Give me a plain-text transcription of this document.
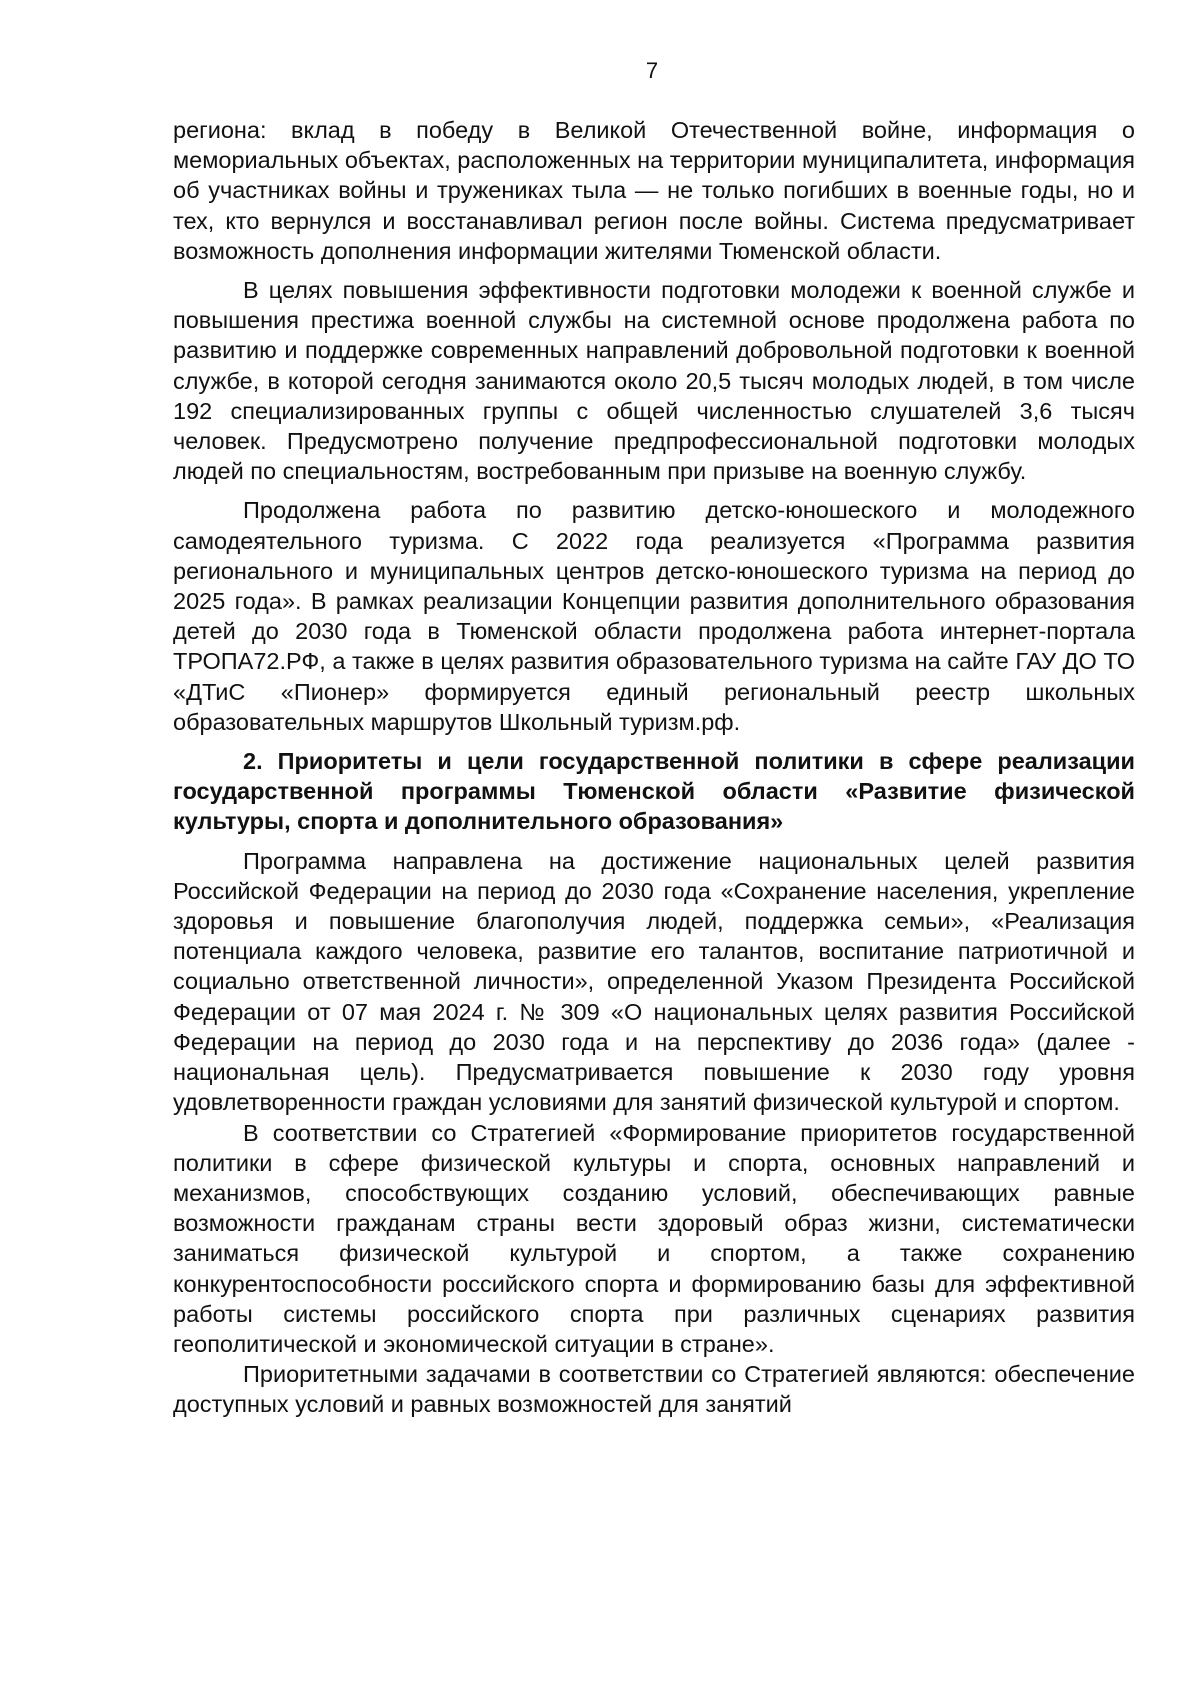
7

региона: вклад в победу в Великой Отечественной войне, информация о мемориальных объектах, расположенных на территории муниципалитета, информация об участниках войны и тружениках тыла — не только погибших в военные годы, но и тех, кто вернулся и восстанавливал регион после войны. Система предусматривает возможность дополнения информации жителями Тюменской области.

В целях повышения эффективности подготовки молодежи к военной службе и повышения престижа военной службы на системной основе продолжена работа по развитию и поддержке современных направлений добровольной подготовки к военной службе, в которой сегодня занимаются около 20,5 тысяч молодых людей, в том числе 192 специализированных группы с общей численностью слушателей 3,6 тысяч человек. Предусмотрено получение предпрофессиональной подготовки молодых людей по специальностям, востребованным при призыве на военную службу.

Продолжена работа по развитию детско-юношеского и молодежного самодеятельного туризма. С 2022 года реализуется «Программа развития регионального и муниципальных центров детско-юношеского туризма на период до 2025 года». В рамках реализации Концепции развития дополнительного образования детей до 2030 года в Тюменской области продолжена работа интернет-портала ТРОПА72.РФ, а также в целях развития образовательного туризма на сайте ГАУ ДО ТО «ДТиС «Пионер» формируется единый региональный реестр школьных образовательных маршрутов Школьный туризм.рф.

2. Приоритеты и цели государственной политики в сфере реализации государственной программы Тюменской области «Развитие физической культуры, спорта и дополнительного образования»

Программа направлена на достижение национальных целей развития Российской Федерации на период до 2030 года «Сохранение населения, укрепление здоровья и повышение благополучия людей, поддержка семьи», «Реализация потенциала каждого человека, развитие его талантов, воспитание патриотичной и социально ответственной личности», определенной Указом Президента Российской Федерации от 07 мая 2024 г. № 309 «О национальных целях развития Российской Федерации на период до 2030 года и на перспективу до 2036 года» (далее - национальная цель). Предусматривается повышение к 2030 году уровня удовлетворенности граждан условиями для занятий физической культурой и спортом.

В соответствии со Стратегией «Формирование приоритетов государственной политики в сфере физической культуры и спорта, основных направлений и механизмов, способствующих созданию условий, обеспечивающих равные возможности гражданам страны вести здоровый образ жизни, систематически заниматься физической культурой и спортом, а также сохранению конкурентоспособности российского спорта и формированию базы для эффективной работы системы российского спорта при различных сценариях развития геополитической и экономической ситуации в стране».

Приоритетными задачами в соответствии со Стратегией являются: обеспечение доступных условий и равных возможностей для занятий
